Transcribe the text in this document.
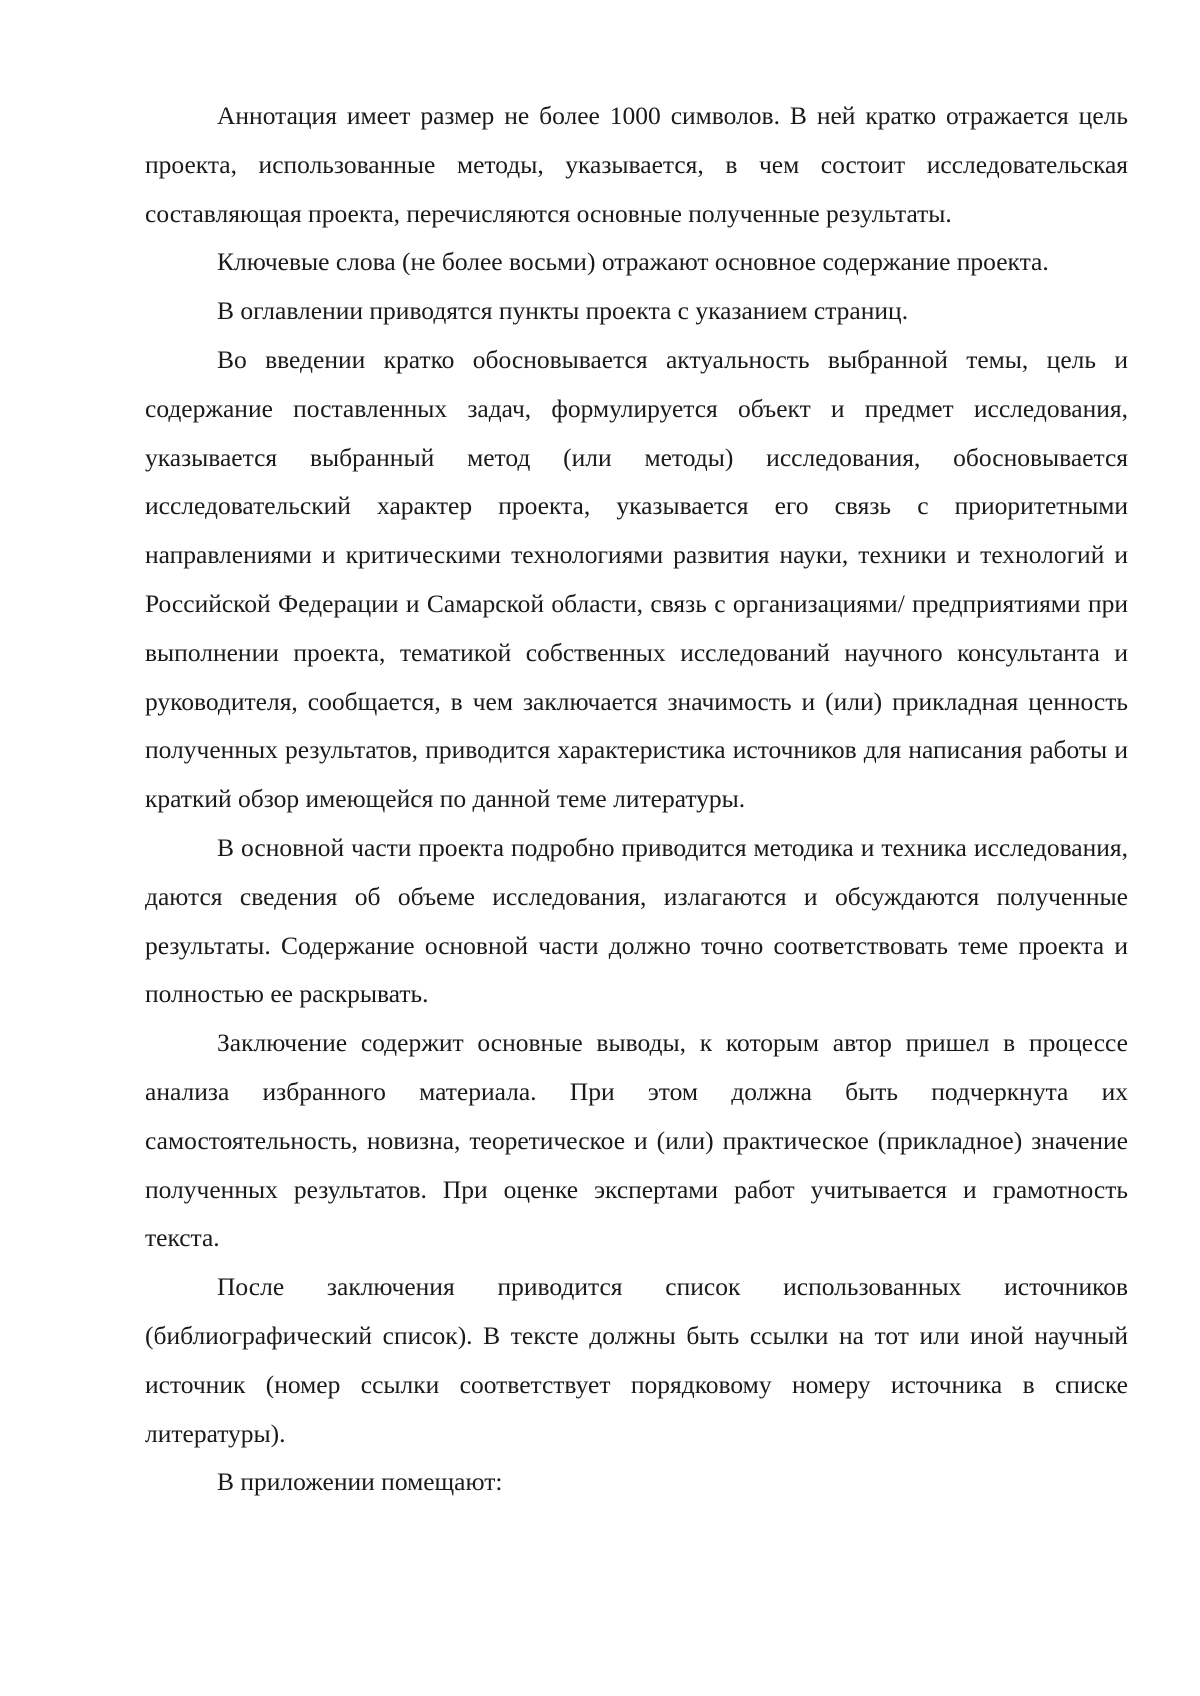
Аннотация имеет размер не более 1000 символов. В ней кратко отражается цель проекта, использованные методы, указывается, в чем состоит исследовательская составляющая проекта, перечисляются основные полученные результаты.

Ключевые слова (не более восьми) отражают основное содержание проекта.

В оглавлении приводятся пункты проекта с указанием страниц.

Во введении кратко обосновывается актуальность выбранной темы, цель и содержание поставленных задач, формулируется объект и предмет исследования, указывается выбранный метод (или методы) исследования, обосновывается исследовательский характер проекта, указывается его связь с приоритетными направлениями и критическими технологиями развития науки, техники и технологий и Российской Федерации и Самарской области, связь с организациями/ предприятиями при выполнении проекта, тематикой собственных исследований научного консультанта и руководителя, сообщается, в чем заключается значимость и (или) прикладная ценность полученных результатов, приводится характеристика источников для написания работы и краткий обзор имеющейся по данной теме литературы.

В основной части проекта подробно приводится методика и техника исследования, даются сведения об объеме исследования, излагаются и обсуждаются полученные результаты. Содержание основной части должно точно соответствовать теме проекта и полностью ее раскрывать.

Заключение содержит основные выводы, к которым автор пришел в процессе анализа избранного материала. При этом должна быть подчеркнута их самостоятельность, новизна, теоретическое и (или) практическое (прикладное) значение полученных результатов. При оценке экспертами работ учитывается и грамотность текста.

После заключения приводится список использованных источников (библиографический список). В тексте должны быть ссылки на тот или иной научный источник (номер ссылки соответствует порядковому номеру источника в списке литературы).

В приложении помещают:
